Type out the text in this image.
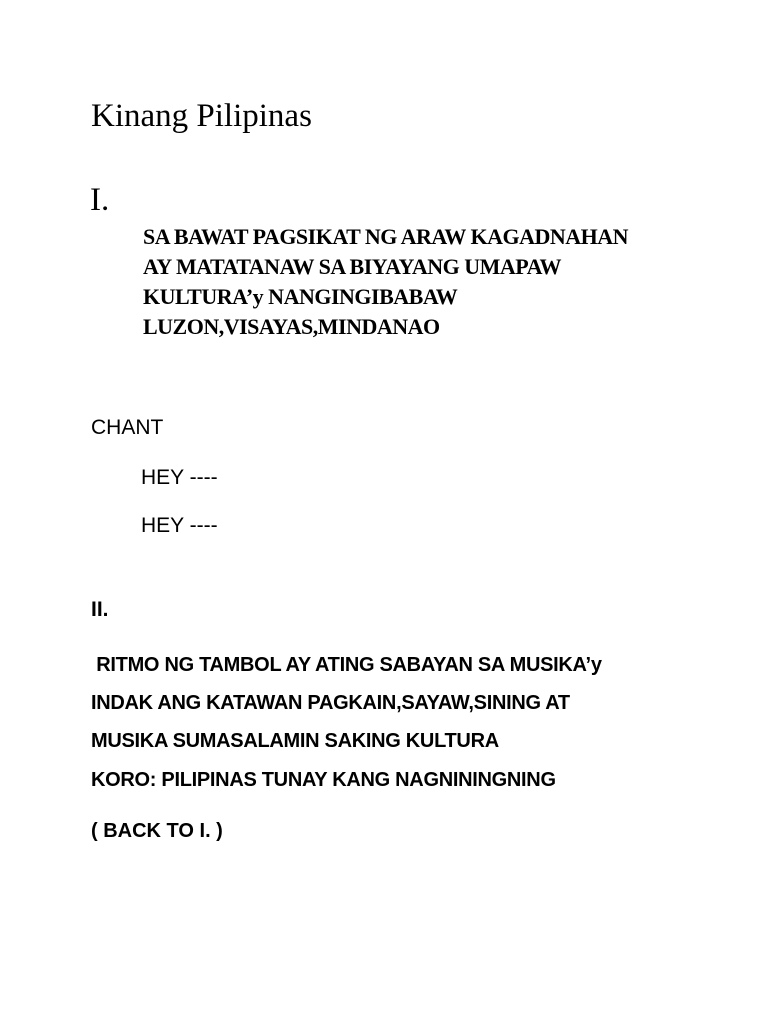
Kinang Pilipinas
I.
SA BAWAT PAGSIKAT NG ARAW KAGADNAHAN
AY MATATANAW SA BIYAYANG UMAPAW
KULTURA’y NANGINGIBABAW
LUZON,VISAYAS,MINDANAO
CHANT
HEY ----
HEY ----
II.
RITMO NG TAMBOL AY ATING SABAYAN SA MUSIKA’y
INDAK ANG KATAWAN PAGKAIN,SAYAW,SINING AT
MUSIKA SUMASALAMIN SAKING KULTURA
KORO: PILIPINAS TUNAY KANG NAGNININGNING
( BACK TO I. )
